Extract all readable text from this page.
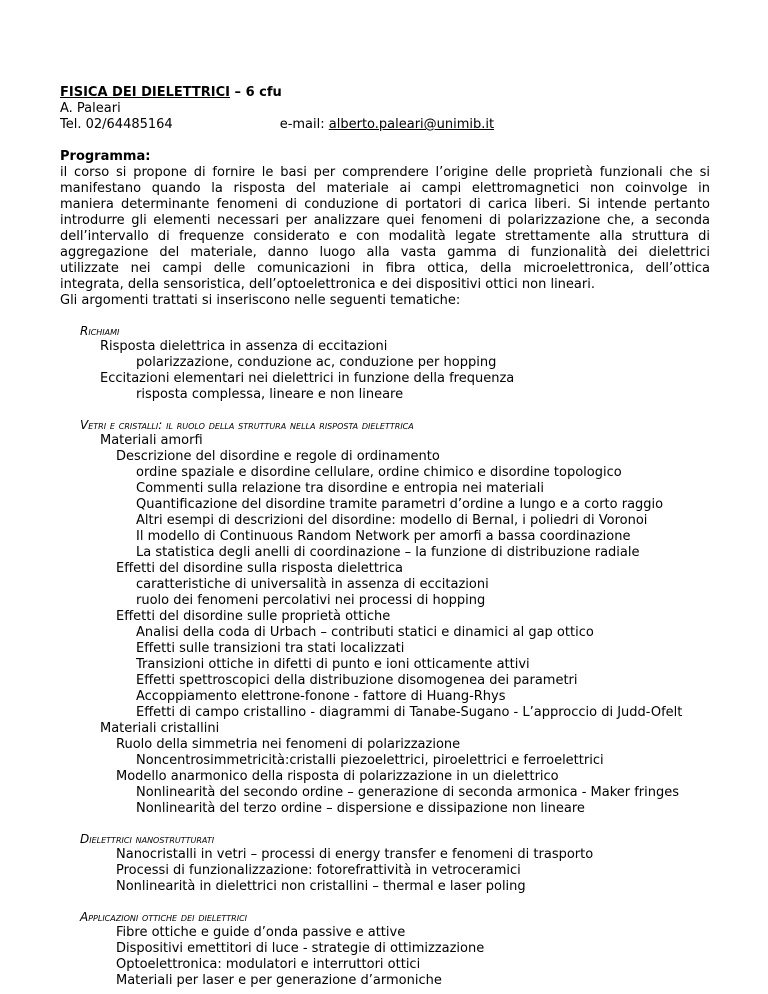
FISICA DEI DIELETTRICI – 6 cfu
A. Paleari
Tel. 02/64485164	e-mail: alberto.paleari@unimib.it
Programma:
il corso si propone di fornire le basi per comprendere l’origine delle proprietà funzionali che si
manifestano quando la risposta del materiale ai campi elettromagnetici non coinvolge in
maniera determinante fenomeni di conduzione di portatori di carica liberi. Si intende pertanto
introdurre gli elementi necessari per analizzare quei fenomeni di polarizzazione che, a seconda
dell’intervallo di frequenze considerato e con modalità legate strettamente alla struttura di
aggregazione del materiale, danno luogo alla vasta gamma di funzionalità dei dielettrici
utilizzate nei campi delle comunicazioni in fibra ottica, della microelettronica, dell’ottica
integrata, della sensoristica, dell’optoelettronica e dei dispositivi ottici non lineari.
Gli argomenti trattati si inseriscono nelle seguenti tematiche:
Richiami
Risposta dielettrica in assenza di eccitazioni
polarizzazione, conduzione ac, conduzione per hopping
Eccitazioni elementari nei dielettrici in funzione della frequenza
risposta complessa, lineare e non lineare
Vetri e cristalli: il ruolo della struttura nella risposta dielettrica
Materiali amorfi
Descrizione del disordine e regole di ordinamento
ordine spaziale e disordine cellulare, ordine chimico e disordine topologico
Commenti sulla relazione tra disordine e entropia nei materiali
Quantificazione del disordine tramite parametri d’ordine a lungo e a corto raggio
Altri esempi di descrizioni del disordine: modello di Bernal, i poliedri di Voronoi
Il modello di Continuous Random Network per amorfi a bassa coordinazione
La statistica degli anelli di coordinazione – la funzione di distribuzione radiale
Effetti del disordine sulla risposta dielettrica
caratteristiche di universalità in assenza di eccitazioni
ruolo dei fenomeni percolativi nei processi di hopping
Effetti del disordine sulle proprietà ottiche
Analisi della coda di Urbach – contributi statici e dinamici al gap ottico
Effetti sulle transizioni tra stati localizzati
Transizioni ottiche in difetti di punto e ioni otticamente attivi
Effetti spettroscopici della distribuzione disomogenea dei parametri
Accoppiamento elettrone-fonone - fattore di Huang-Rhys
Effetti di campo cristallino - diagrammi di Tanabe-Sugano - L’approccio di Judd-Ofelt
Materiali cristallini
Ruolo della simmetria nei fenomeni di polarizzazione
Noncentrosimmetricità:cristalli piezoelettrici, piroelettrici e ferroelettrici
Modello anarmonico della risposta di polarizzazione in un dielettrico
Nonlinearità del secondo ordine – generazione di seconda armonica - Maker fringes
Nonlinearità del terzo ordine – dispersione e dissipazione non lineare
Dielettrici nanostrutturati
Nanocristalli in vetri – processi di energy transfer e fenomeni di trasporto
Processi di funzionalizzazione: fotorefrattività in vetroceramici
Nonlinearità in dielettrici non cristallini – thermal e laser poling
Applicazioni ottiche dei dielettrici
Fibre ottiche e guide d’onda passive e attive
Dispositivi emettitori di luce - strategie di ottimizzazione
Optoelettronica: modulatori e interruttori ottici
Materiali per laser e per generazione d’armoniche
